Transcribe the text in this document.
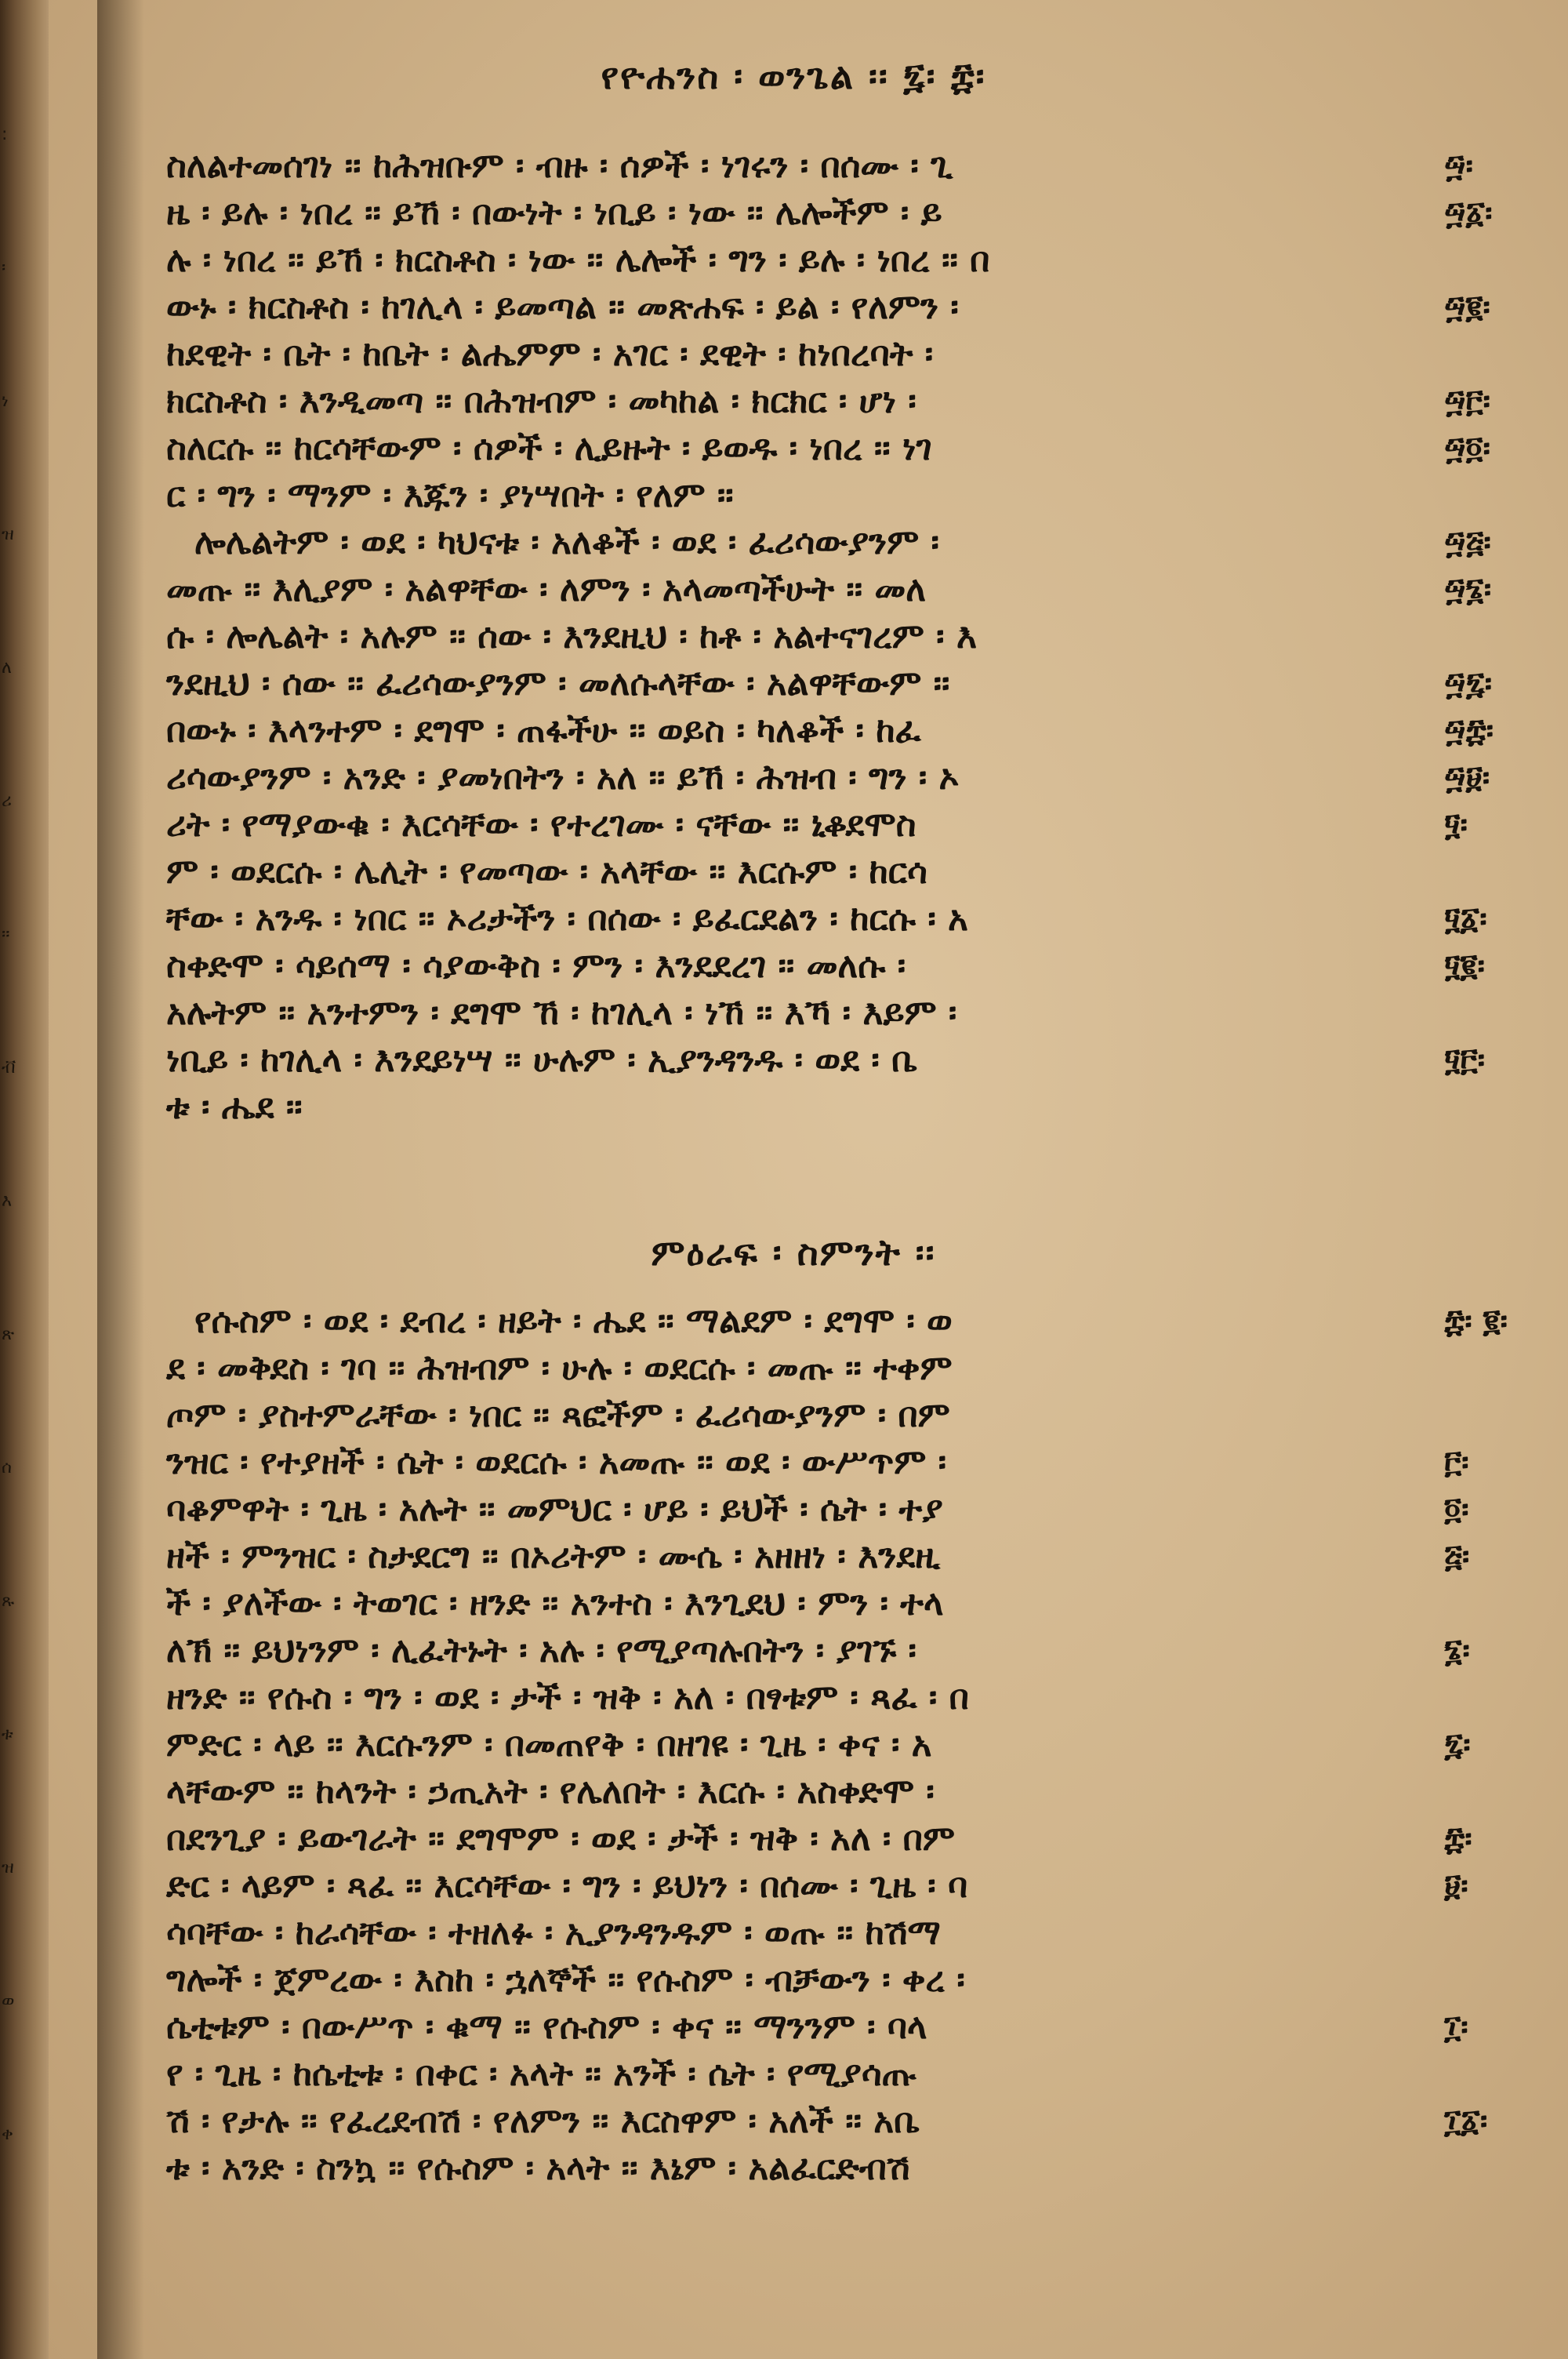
:
፡
ነ
ዝ
ለ
ሪ
፡፡
ቭ
እ
ጽ
ሰ
ጹ
ቱ
ዝ
ወ
ቀ
የዮሐንስ ፡ ወንጌል ፡፡ ፯፡ ፰፡
ስለልተመሰገነ ፡፡ ከሕዝቡም ፡ ብዙ ፡ ሰዎች ፡ ነገሩን ፡ በሰሙ ፡ ጊ	፵፡
ዜ ፡ ይሉ ፡ ነበረ ፡፡ ይኸ ፡ በውነት ፡ ነቢይ ፡ ነው ፡፡ ሌሎችም ፡ ይ	፵፩፡
ሉ ፡ ነበረ ፡፡ ይኸ ፡ ክርስቶስ ፡ ነው ፡፡ ሌሎች ፡ ግን ፡ ይሉ ፡ ነበረ ፡፡ በ
ውኑ ፡ ክርስቶስ ፡ ከገሊላ ፡ ይመጣል ፡፡ መጽሐፍ ፡ ይል ፡ የለምን ፡	፵፪፡
ከደዊት ፡ ቤት ፡ ከቤት ፡ ልሔምም ፡ አገር ፡ ደዊት ፡ ከነበረባት ፡
ክርስቶስ ፡ እንዲመጣ ፡፡ በሕዝብም ፡ መካከል ፡ ክርክር ፡ ሆነ ፡	፵፫፡
ስለርሱ ፡፡ ከርሳቸውም ፡ ሰዎች ፡ ሊይዙት ፡ ይወዱ ፡ ነበረ ፡፡ ነገ	፵፬፡
ር ፡ ግን ፡ ማንም ፡ እጁን ፡ ያነሣበት ፡ የለም ፡፡
ሎሌልትም ፡ ወደ ፡ ካህናቱ ፡ አለቆች ፡ ወደ ፡ ፈሪሳውያንም ፡	፵፭፡
መጡ ፡፡ እሊያም ፡ አልዋቸው ፡ ለምን ፡ አላመጣችሁት ፡፡ መለ	፵፮፡
ሱ ፡ ሎሌልት ፡ አሉም ፡፡ ሰው ፡ እንደዚህ ፡ ከቶ ፡ አልተናገረም ፡ እ
ንደዚህ ፡ ሰው ፡፡ ፈሪሳውያንም ፡ መለሱላቸው ፡ አልዋቸውም ፡፡	፵፯፡
በውኑ ፡ እላንተም ፡ ደግሞ ፡ ጠፋችሁ ፡፡ ወይስ ፡ ካለቆች ፡ ከፈ	፵፰፡
ሪሳውያንም ፡ አንድ ፡ ያመነበትን ፡ አለ ፡፡ ይኸ ፡ ሕዝብ ፡ ግን ፡ ኦ	፵፱፡
ሪት ፡ የማያውቁ ፡ እርሳቸው ፡ የተረገሙ ፡ ናቸው ፡፡ ኒቆደሞስ	፶፡
ም ፡ ወደርሱ ፡ ሌሊት ፡ የመጣው ፡ አላቸው ፡፡ እርሱም ፡ ከርሳ
ቸው ፡ አንዱ ፡ ነበር ፡፡ ኦሪታችን ፡ በሰው ፡ ይፈርደልን ፡ ከርሱ ፡ አ	፶፩፡
ስቀድሞ ፡ ሳይሰማ ፡ ሳያውቅስ ፡ ምን ፡ እንደደረገ ፡፡ መለሱ ፡	፶፪፡
አሉትም ፡፡ አንተምን ፡ ደግሞ ኸ ፡ ከገሊላ ፡ ነኸ ፡፡ እኻ ፡ እይም ፡
ነቢይ ፡ ከገሊላ ፡ እንደይነሣ ፡፡ ሁሉም ፡ ኢያንዳንዱ ፡ ወደ ፡ ቤ	፶፫፡
ቱ ፡ ሔደ ፡፡
ምዕራፍ ፡ ስምንት ፡፡
የሱስም ፡ ወደ ፡ ደብረ ፡ ዘይት ፡ ሔደ ፡፡ ማልደም ፡ ደግሞ ፡ ወ	፰፡ ፪፡
ደ ፡ መቅደስ ፡ ገባ ፡፡ ሕዝብም ፡ ሁሉ ፡ ወደርሱ ፡ መጡ ፡፡ ተቀም
ጦም ፡ ያስተምራቸው ፡ ነበር ፡፡ ጻፎችም ፡ ፈሪሳውያንም ፡ በም
ንዝር ፡ የተያዘች ፡ ሴት ፡ ወደርሱ ፡ አመጡ ፡፡ ወደ ፡ ውሥጥም ፡	፫፡
ባቆምዋት ፡ ጊዜ ፡ አሉት ፡፡ መምህር ፡ ሆይ ፡ ይህች ፡ ሴት ፡ ተያ	፬፡
ዘች ፡ ምንዝር ፡ ስታደርግ ፡፡ በኦሪትም ፡ ሙሴ ፡ አዘዘነ ፡ እንደዚ	፭፡
ች ፡ ያለችው ፡ ትወገር ፡ ዘንድ ፡፡ አንተስ ፡ እንጊደህ ፡ ምን ፡ ተላ
ለኽ ፡፡ ይህነንም ፡ ሊፈትኑት ፡ አሉ ፡ የሚያጣሉበትን ፡ ያገኙ ፡	፮፡
ዘንድ ፡፡ የሱስ ፡ ግን ፡ ወደ ፡ ታች ፡ ዝቅ ፡ አለ ፡ በፃቱም ፡ ጻፈ ፡ በ
ምድር ፡ ላይ ፡፡ እርሱንም ፡ በመጠየቅ ፡ በዘገዩ ፡ ጊዜ ፡ ቀና ፡ አ	፯፡
ላቸውም ፡፡ ከላንት ፡ ኃጢአት ፡ የሌለበት ፡ እርሱ ፡ አስቀድሞ ፡
በደንጊያ ፡ ይውገራት ፡፡ ደግሞም ፡ ወደ ፡ ታች ፡ ዝቅ ፡ አለ ፡ በም	፰፡
ድር ፡ ላይም ፡ ጻፈ ፡፡ እርሳቸው ፡ ግን ፡ ይህነን ፡ በሰሙ ፡ ጊዜ ፡ ባ	፱፡
ሳባቸው ፡ ከራሳቸው ፡ ተዘለፉ ፡ ኢያንዳንዱም ፡ ወጡ ፡፡ ከሽማ
ግሎች ፡ ጀምረው ፡ እስከ ፡ ኋለኞች ፡፡ የሱስም ፡ ብቻውን ፡ ቀረ ፡
ሴቲቱም ፡ በውሥጥ ፡ ቁማ ፡፡ የሱስም ፡ ቀና ፡፡ ማንንም ፡ ባላ	፲፡
የ ፡ ጊዜ ፡ ከሴቲቱ ፡ በቀር ፡ አላት ፡፡ አንች ፡ ሴት ፡ የሚያሳጡ
ሽ ፡ የታሉ ፡፡ የፈረደብሽ ፡ የለምን ፡፡ እርስዋም ፡ አለች ፡፡ አቤ	፲፩፡
ቱ ፡ አንድ ፡ ስንኳ ፡፡ የሱስም ፡ አላት ፡፡ እኔም ፡ አልፈርድብሽ
